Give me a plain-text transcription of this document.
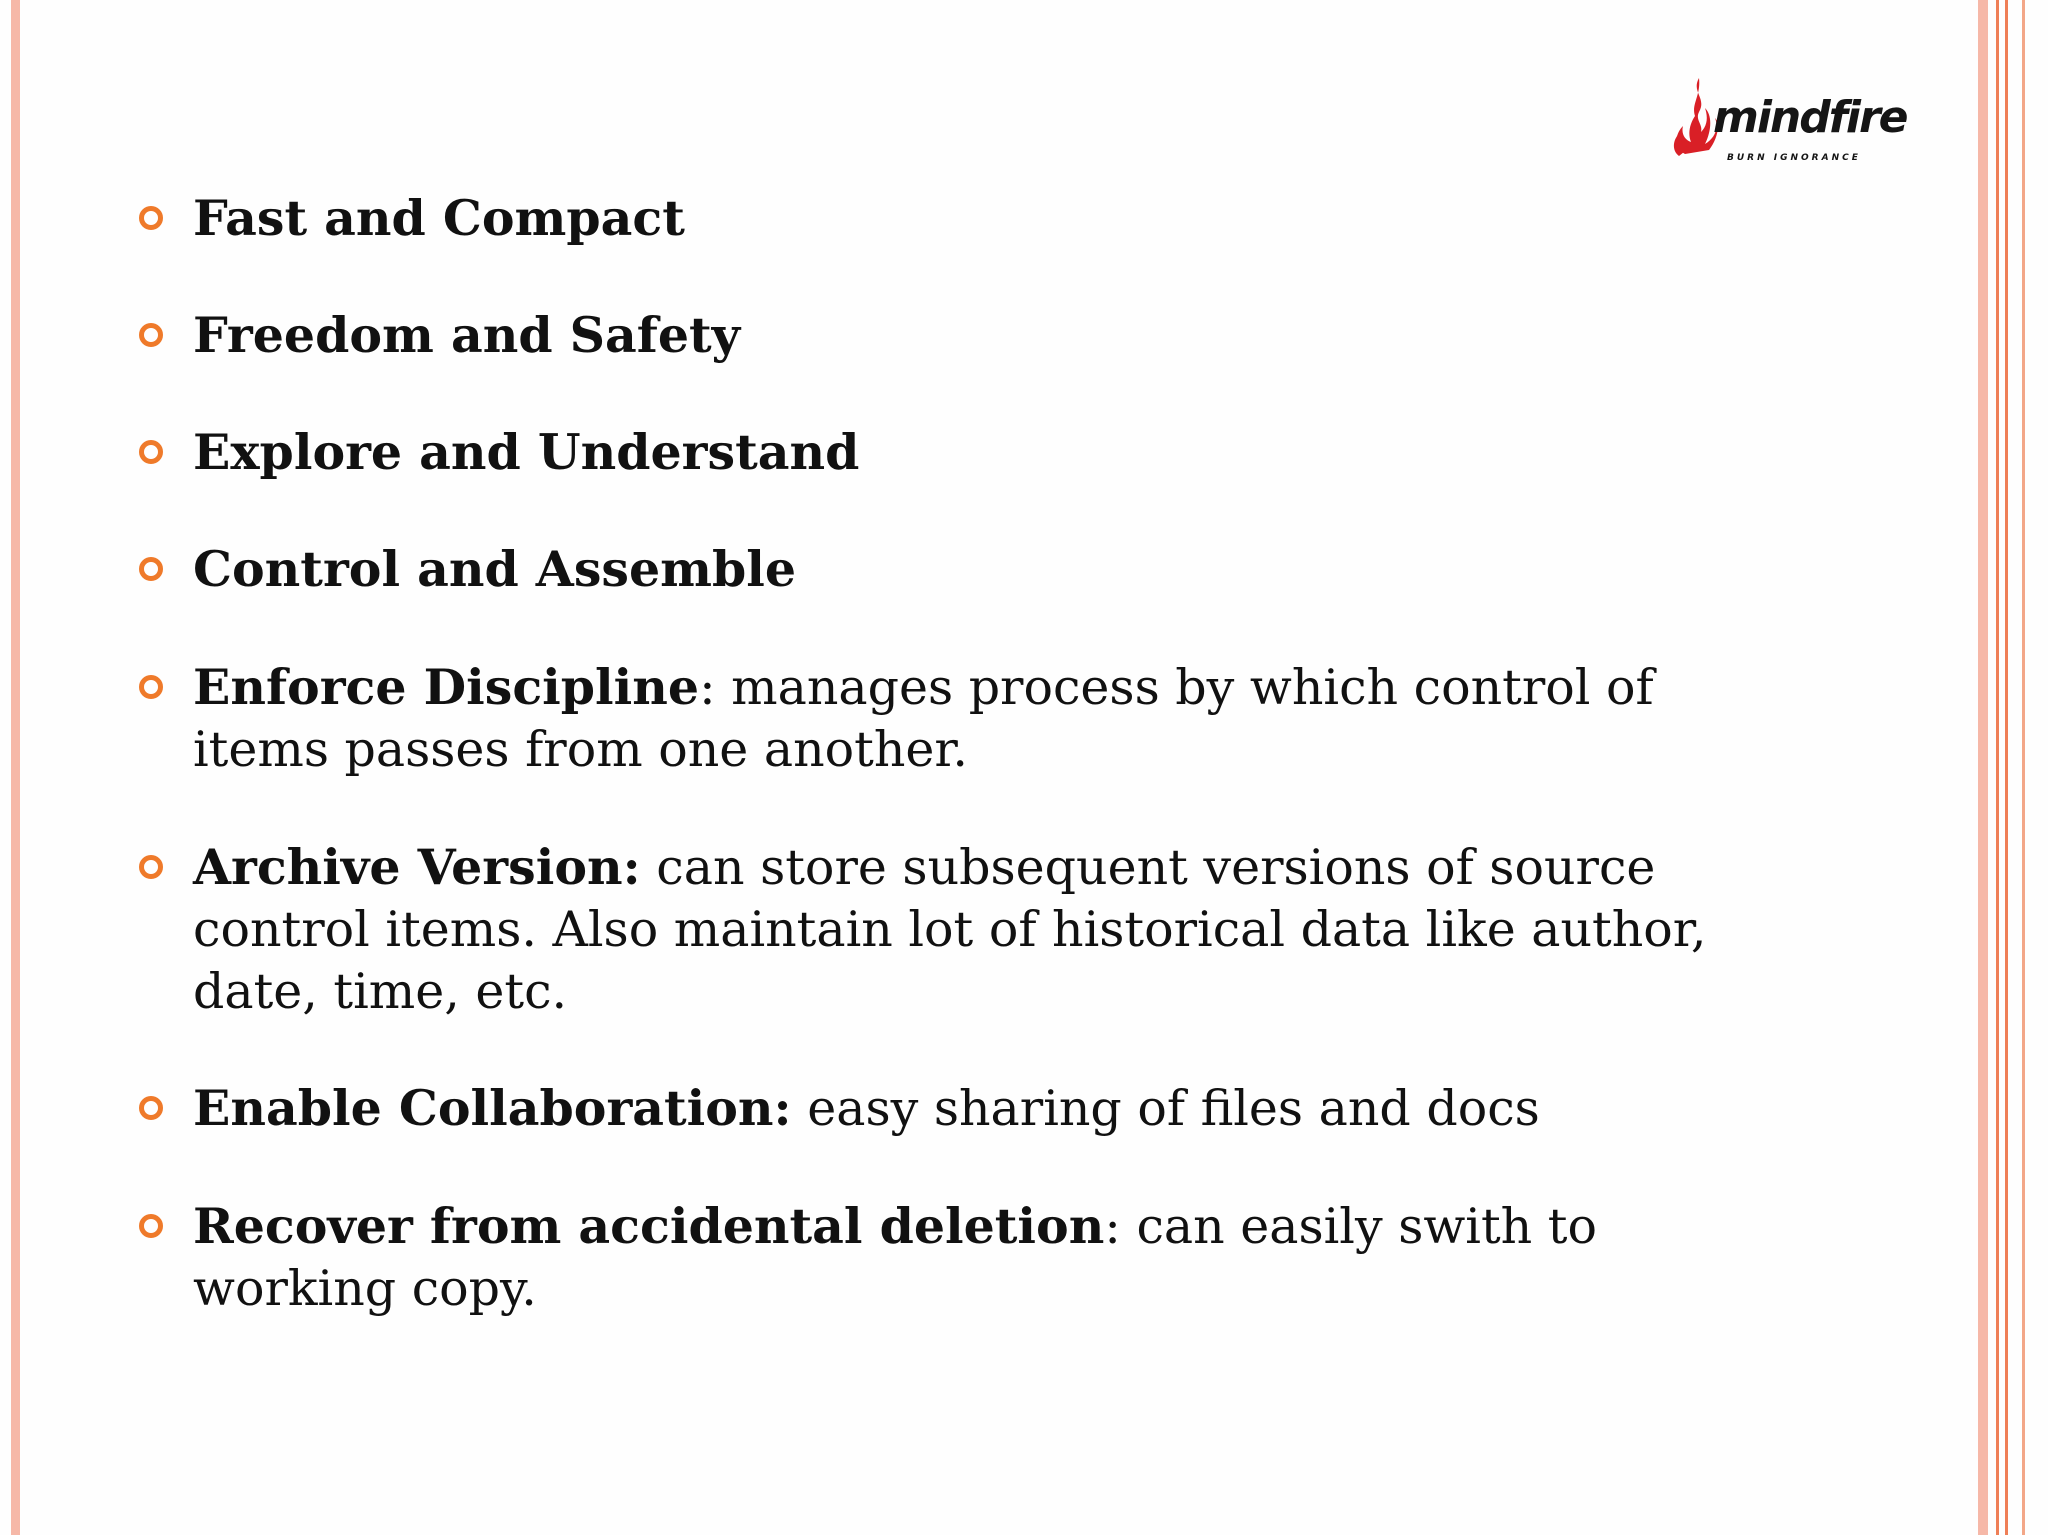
mindfire
BURN IGNORANCE
Fast and Compact
Freedom and Safety
Explore and Understand
Control and Assemble
Enforce Discipline: manages process by which control of items passes from one another.
Archive Version: can store subsequent versions of source control items. Also maintain lot of historical data like author, date, time, etc.
Enable Collaboration: easy sharing of files and docs
Recover from accidental deletion: can easily swith to working copy.
